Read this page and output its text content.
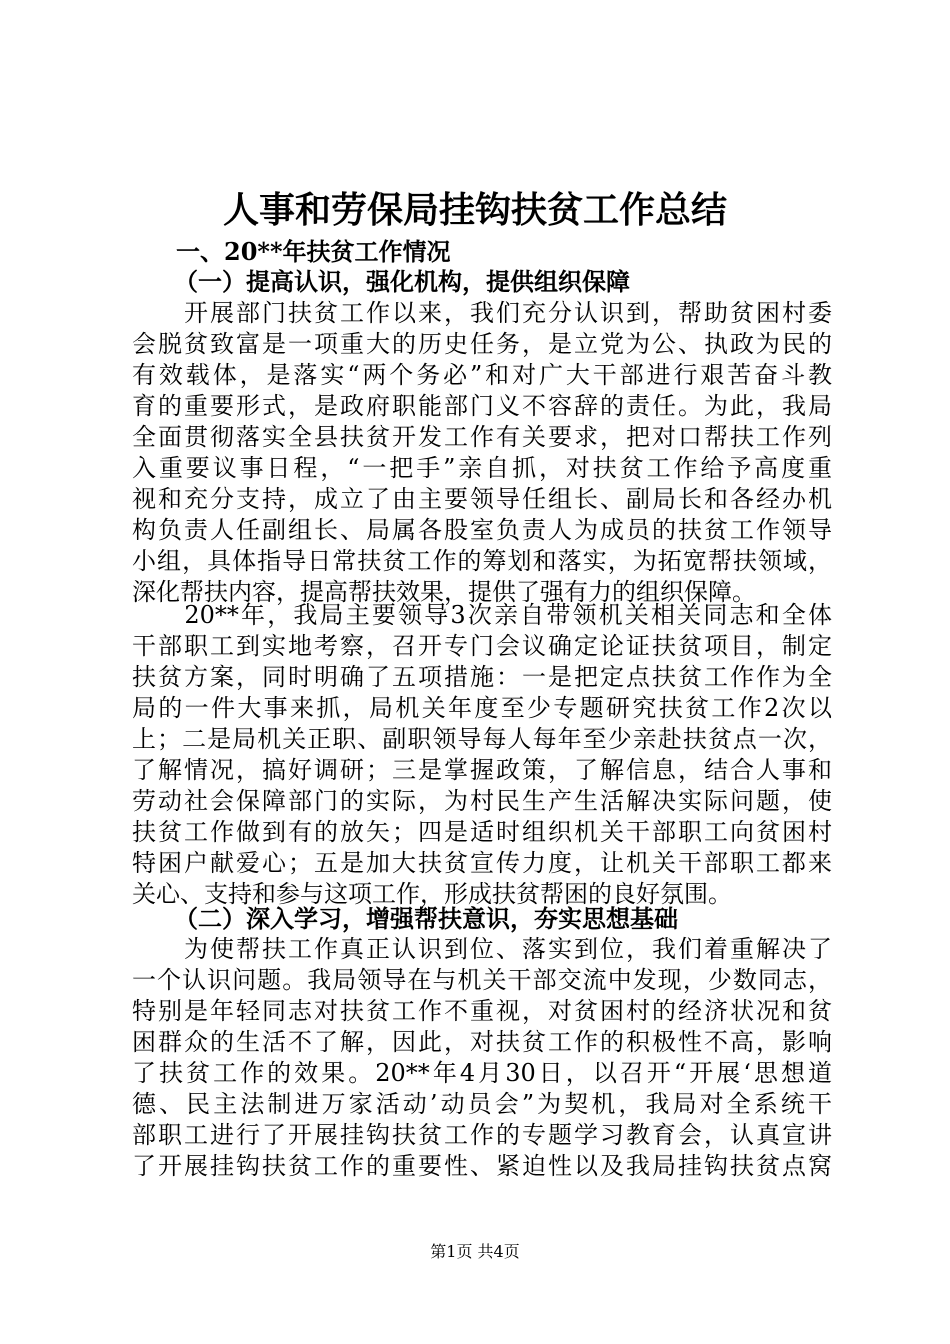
人事和劳保局挂钩扶贫工作总结
一、20**年扶贫工作情况
（一）提高认识，强化机构，提供组织保障
　　开展部门扶贫工作以来，我们充分认识到，帮助贫困村委
会脱贫致富是一项重大的历史任务，是立党为公、执政为民的
有效载体，是落实“两个务必”和对广大干部进行艰苦奋斗教
育的重要形式，是政府职能部门义不容辞的责任。为此，我局
全面贯彻落实全县扶贫开发工作有关要求，把对口帮扶工作列
入重要议事日程，“一把手”亲自抓，对扶贫工作给予高度重
视和充分支持，成立了由主要领导任组长、副局长和各经办机
构负责人任副组长、局属各股室负责人为成员的扶贫工作领导
小组，具体指导日常扶贫工作的筹划和落实，为拓宽帮扶领域，
深化帮扶内容，提高帮扶效果，提供了强有力的组织保障。
　　20**年，我局主要领导3次亲自带领机关相关同志和全体
干部职工到实地考察，召开专门会议确定论证扶贫项目，制定
扶贫方案，同时明确了五项措施：一是把定点扶贫工作作为全
局的一件大事来抓，局机关年度至少专题研究扶贫工作2次以
上；二是局机关正职、副职领导每人每年至少亲赴扶贫点一次，
了解情况，搞好调研；三是掌握政策，了解信息，结合人事和
劳动社会保障部门的实际，为村民生产生活解决实际问题，使
扶贫工作做到有的放矢；四是适时组织机关干部职工向贫困村
特困户献爱心；五是加大扶贫宣传力度，让机关干部职工都来
关心、支持和参与这项工作，形成扶贫帮困的良好氛围。
（二）深入学习，增强帮扶意识，夯实思想基础
　　为使帮扶工作真正认识到位、落实到位，我们着重解决了
一个认识问题。我局领导在与机关干部交流中发现，少数同志，
特别是年轻同志对扶贫工作不重视，对贫困村的经济状况和贫
困群众的生活不了解，因此，对扶贫工作的积极性不高，影响
了扶贫工作的效果。20**年4月30日，以召开“开展‘思想道
德、民主法制进万家活动’动员会”为契机，我局对全系统干
部职工进行了开展挂钩扶贫工作的专题学习教育会，认真宣讲
了开展挂钩扶贫工作的重要性、紧迫性以及我局挂钩扶贫点窝
第1页 共4页
